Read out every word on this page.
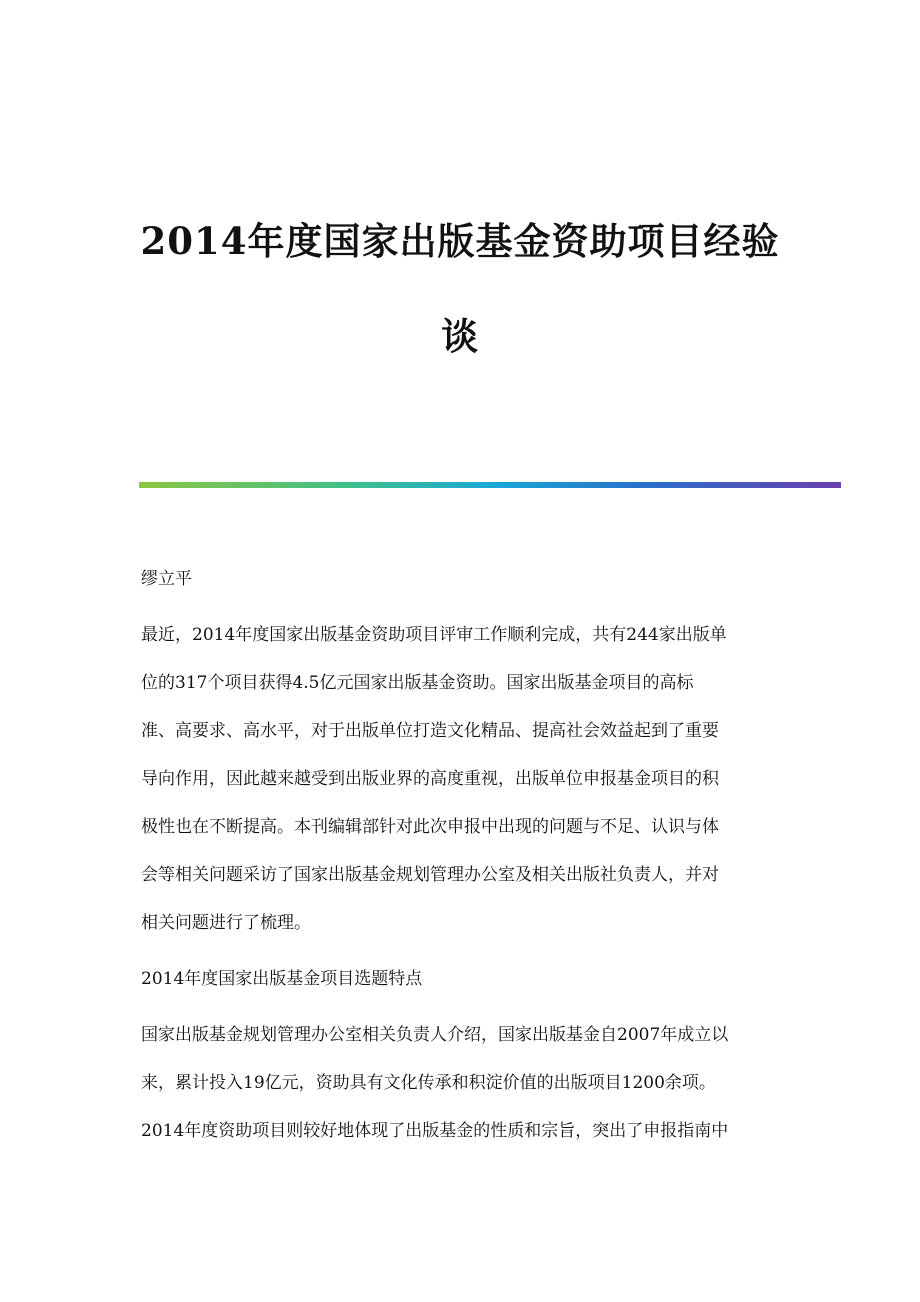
2014年度国家出版基金资助项目经验
谈

缪立平

最近，2014年度国家出版基金资助项目评审工作顺利完成，共有244家出版单

位的317个项目获得4.5亿元国家出版基金资助。国家出版基金项目的高标

准、高要求、高水平，对于出版单位打造文化精品、提高社会效益起到了重要

导向作用，因此越来越受到出版业界的高度重视，出版单位申报基金项目的积

极性也在不断提高。本刊编辑部针对此次申报中出现的问题与不足、认识与体

会等相关问题采访了国家出版基金规划管理办公室及相关出版社负责人，并对

相关问题进行了梳理。

2014年度国家出版基金项目选题特点

国家出版基金规划管理办公室相关负责人介绍，国家出版基金自2007年成立以

来，累计投入19亿元，资助具有文化传承和积淀价值的出版项目1200余项。

2014年度资助项目则较好地体现了出版基金的性质和宗旨，突出了申报指南中
